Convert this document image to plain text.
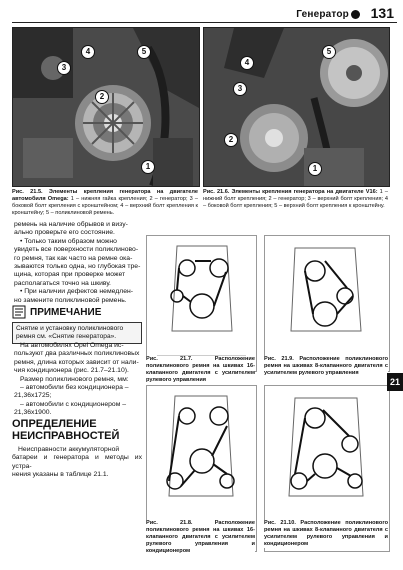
Генератор 131
4
3
5
2
1
Рис. 21.5. Элементы крепления генератора на двигателе автомобиля Omega: 1 – нижняя гайка крепления; 2 – генератор; 3 – боковой болт крепления с кронштейном; 4 – верхний болт крепления к кронштейну; 5 – поликлиновой ремень.
5
4
3
2
1
Рис. 21.6. Элементы крепления генератора на двигателе V16: 1 – нижний болт крепления; 2 – генератор; 3 – верхний болт крепления; 4 – боковой болт крепления; 5 – верхний болт крепления к кронштейну.
ремень на наличие обрывов и визу-
ально проверьте его состояние.
• Только таким образом можно
увидеть все поверхности поликлиново-
го ремня, так как часто на ремне ока-
зываются только одна, но глубокая тре-
щина, которая при проверке может
располагаться точно на шкиву.
• При наличии дефектов немедлен-
но замените поликлиновой ремень.
ПРИМЕЧАНИЕ
Снятие и установку поликлинового
ремня см. «Снятие генератора».
На автомобилях Opel Omega ис-
пользуют два различных поликлиновых
ремня, длина которых зависит от нали-
чия кондиционера (рис. 21.7–21.10).
Размер поликлинового ремня, мм:
– автомобили без кондиционера –
21,36x1725;
– автомобили с кондиционером –
21,36x1900.
ОПРЕДЕЛЕНИЕ
НЕИСПРАВНОСТЕЙ
Неисправности аккумуляторной
батареи и генератора и методы их устра-
нения указаны в таблице 21.1.
Рис. 21.7. Расположение поликлинового ремня на шкивах 16-клапанного двигателя с усилителем рулевого управления
Рис. 21.9. Расположение поликлинового ремня на шкивах 8-клапанного двигателя с усилителем рулевого управления
Рис. 21.8. Расположение поликлинового ремня на шкивах 16-клапанного двигателя с усилителем рулевого управления и кондиционером
Рис. 21.10. Расположение поликлинового ремня на шкивах 8-клапанного двигателя с усилителем рулевого управления и кондиционером
21
